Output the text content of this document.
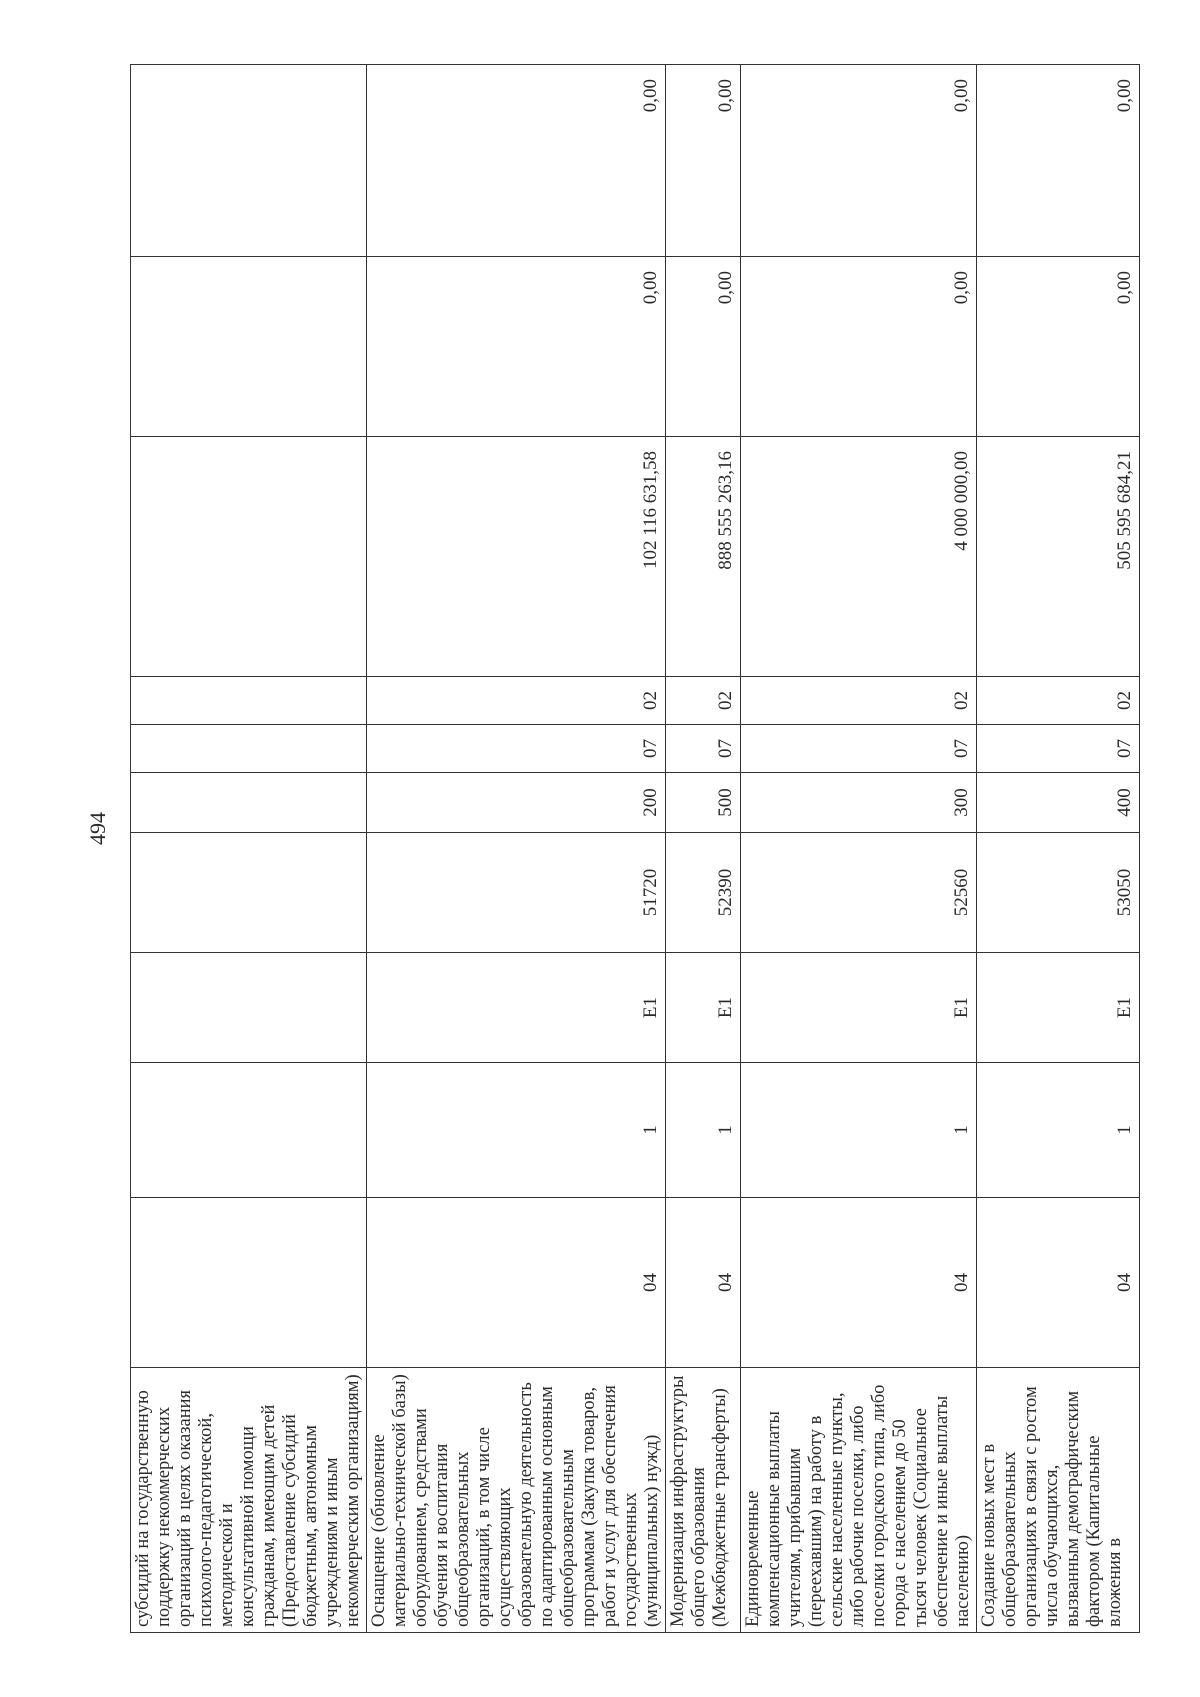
494
субсидий на государственную поддержку некоммерческих организаций в целях оказания психолого-педагогической, методической и консультативной помощи гражданам, имеющим детей (Предоставление субсидий бюджетным, автономным учреждениям и иным некоммерческим организациям)										
Оснащение (обновление материально-технической базы) оборудованием, средствами обучения и воспитания общеобразовательных организаций, в том числе осуществляющих образовательную деятельность по адаптированным основным общеобразовательным программам (Закупка товаров, работ и услуг для обеспечения государственных (муниципальных) нужд)	04	1	Е1	51720	200	07	02	102 116 631,58	0,00	0,00
Модернизация инфраструктуры общего образования (Межбюджетные трансферты)	04	1	Е1	52390	500	07	02	888 555 263,16	0,00	0,00
Единовременные компенсационные выплаты учителям, прибывшим (переехавшим) на работу в сельские населенные пункты, либо рабочие поселки, либо поселки городского типа, либо города с населением до 50 тысяч человек (Социальное обеспечение и иные выплаты населению)	04	1	Е1	52560	300	07	02	4 000 000,00	0,00	0,00
Создание новых мест в общеобразовательных организациях в связи с ростом числа обучающихся, вызванным демографическим фактором (Капитальные вложения в	04	1	Е1	53050	400	07	02	505 595 684,21	0,00	0,00
